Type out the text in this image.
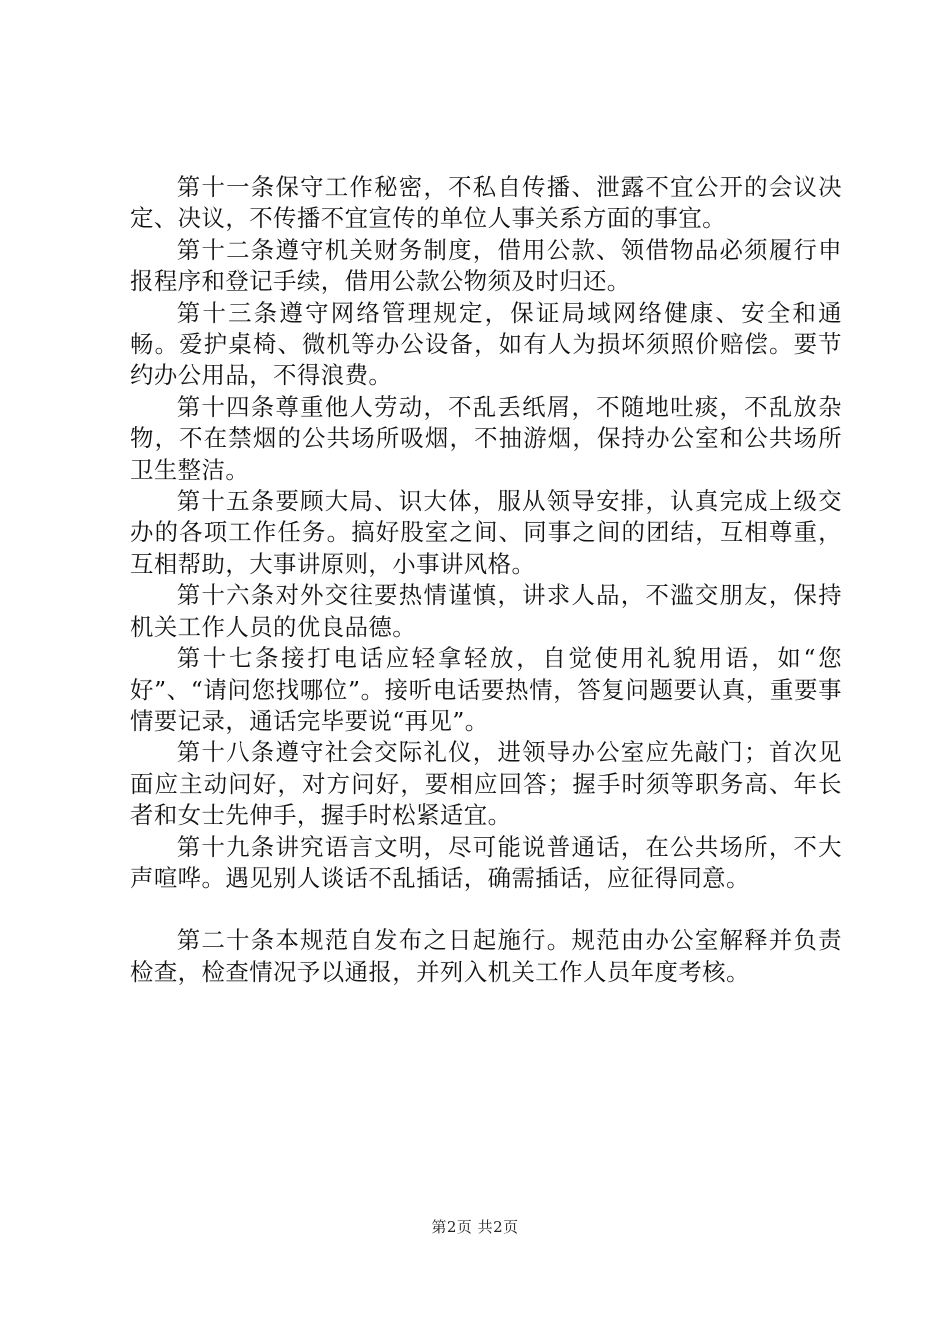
第十一条保守工作秘密，不私自传播、泄露不宜公开的会议决定、决议，不传播不宜宣传的单位人事关系方面的事宜。

第十二条遵守机关财务制度，借用公款、领借物品必须履行申报程序和登记手续，借用公款公物须及时归还。

第十三条遵守网络管理规定，保证局域网络健康、安全和通畅。爱护桌椅、微机等办公设备，如有人为损坏须照价赔偿。要节约办公用品，不得浪费。

第十四条尊重他人劳动，不乱丢纸屑，不随地吐痰，不乱放杂物，不在禁烟的公共场所吸烟，不抽游烟，保持办公室和公共场所卫生整洁。

第十五条要顾大局、识大体，服从领导安排，认真完成上级交办的各项工作任务。搞好股室之间、同事之间的团结，互相尊重，互相帮助，大事讲原则，小事讲风格。

第十六条对外交往要热情谨慎，讲求人品，不滥交朋友，保持机关工作人员的优良品德。

第十七条接打电话应轻拿轻放，自觉使用礼貌用语，如“您好”、“请问您找哪位”。接听电话要热情，答复问题要认真，重要事情要记录，通话完毕要说“再见”。

第十八条遵守社会交际礼仪，进领导办公室应先敲门；首次见面应主动问好，对方问好，要相应回答；握手时须等职务高、年长者和女士先伸手，握手时松紧适宜。

第十九条讲究语言文明，尽可能说普通话，在公共场所，不大声喧哗。遇见别人谈话不乱插话，确需插话，应征得同意。

第二十条本规范自发布之日起施行。规范由办公室解释并负责检查，检查情况予以通报，并列入机关工作人员年度考核。

第2页 共2页
